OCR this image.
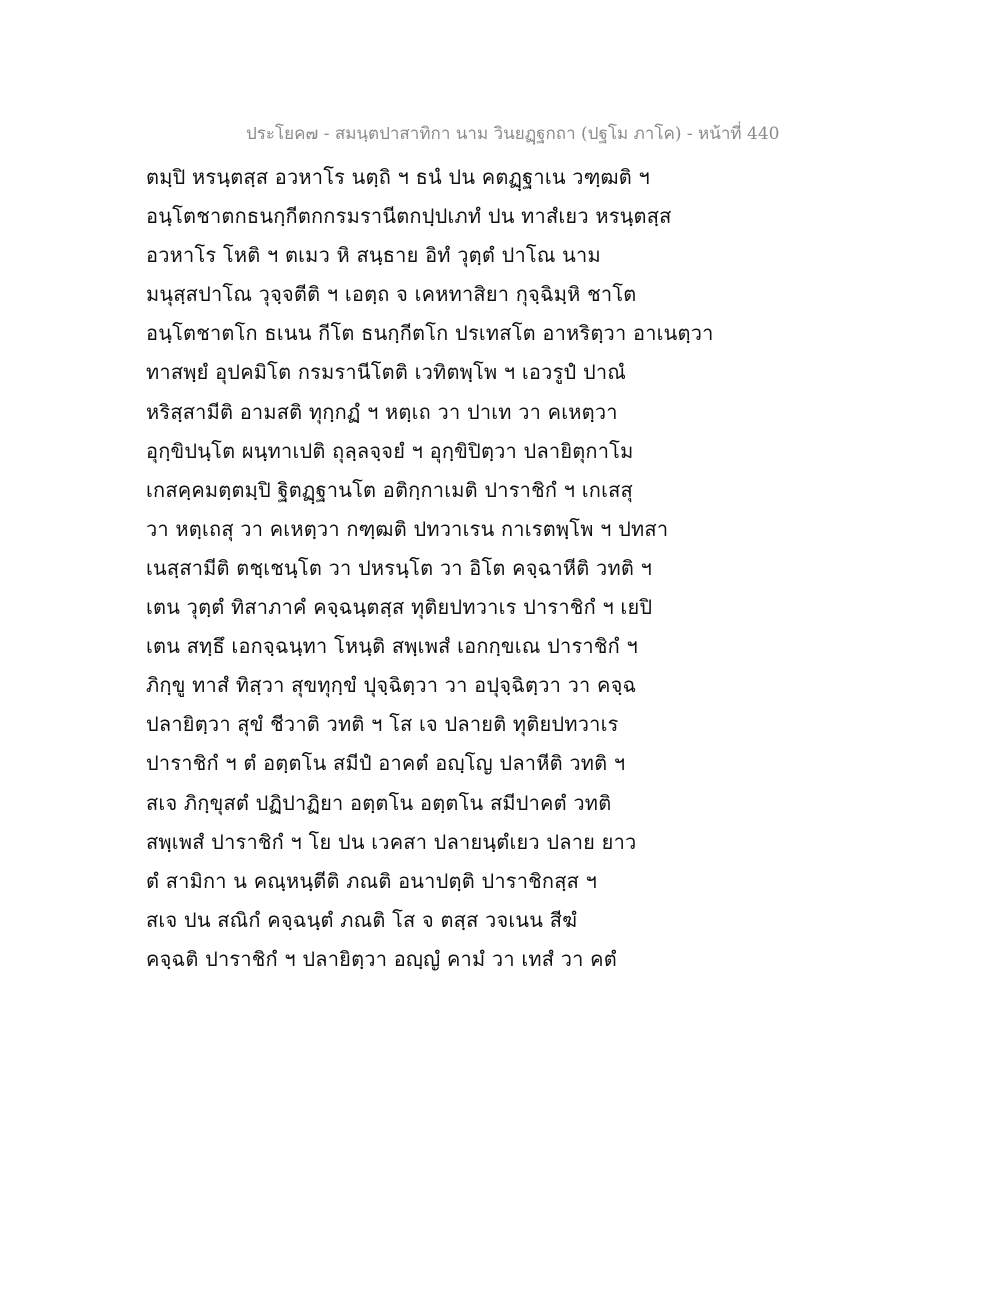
ประโยค๗ - สมนฺตปาสาทิกา นาม วินยฏฺฐกถา (ปฐโม ภาโค) - หน้าที่ 440
ตมฺปิ หรนฺตสฺส อวหาโร นตฺถิ ฯ ธนํ ปน คตฏฺฐาเน วฑฺฒติ ฯ
อนฺโตชาตกธนกฺกีตกกรมรานีตกปฺปเภทํ ปน ทาสํเยว หรนฺตสฺส
อวหาโร โหติ ฯ ตเมว หิ สนฺธาย อิทํ วุตฺตํ ปาโณ นาม
มนุสฺสปาโณ วุจฺจตีติ ฯ เอตฺถ จ เคหทาสิยา กุจฺฉิมฺหิ ชาโต
อนฺโตชาตโก ธเนน กีโต ธนกฺกีตโก ปรเทสโต อาหริตฺวา อาเนตฺวา
ทาสพฺยํ อุปคมิโต กรมรานีโตติ เวทิตพฺโพ ฯ เอวรูปํ ปาณํ
หริสฺสามีติ อามสติ ทุกฺกฏํ ฯ หตฺเถ วา ปาเท วา คเหตฺวา
อุกฺขิปนฺโต ผนฺทาเปติ ถุลฺลจฺจยํ ฯ อุกฺขิปิตฺวา ปลายิตุกาโม
เกสคฺคมตฺตมฺปิ ฐิตฏฺฐานโต อติกฺกาเมติ ปาราชิกํ ฯ เกเสสุ
วา หตฺเถสุ วา คเหตฺวา กฑฺฒติ ปทวาเรน กาเรตพฺโพ ฯ ปทสา
เนสฺสามีติ ตชฺเชนฺโต วา ปหรนฺโต วา อิโต คจฺฉาหีติ วทติ ฯ
เตน วุตฺตํ ทิสาภาคํ คจฺฉนฺตสฺส ทุติยปทวาเร ปาราชิกํ ฯ เยปิ
เตน สทฺธึ เอกจฺฉนฺทา โหนฺติ สพฺเพสํ เอกกฺขเณ ปาราชิกํ ฯ
ภิกฺขู ทาสํ ทิสฺวา สุขทุกฺขํ ปุจฺฉิตฺวา วา อปุจฺฉิตฺวา วา คจฺฉ
ปลายิตฺวา สุขํ ชีวาติ วทติ ฯ โส เจ ปลายติ ทุติยปทวาเร
ปาราชิกํ ฯ ตํ อตฺตโน สมีปํ อาคตํ อญฺโญ ปลาหีติ วทติ ฯ
สเจ ภิกฺขุสตํ ปฏิปาฏิยา อตฺตโน อตฺตโน สมีปาคตํ วทติ
สพฺเพสํ ปาราชิกํ ฯ โย ปน เวคสา ปลายนฺตํเยว ปลาย ยาว
ตํ สามิกา น คณฺหนฺตีติ ภณติ อนาปตฺติ ปาราชิกสฺส ฯ
สเจ ปน สณิกํ คจฺฉนฺตํ ภณติ โส จ ตสฺส วจเนน สีฆํ
คจฺฉติ ปาราชิกํ ฯ ปลายิตฺวา อญฺญํ คามํ วา เทสํ วา คตํ
